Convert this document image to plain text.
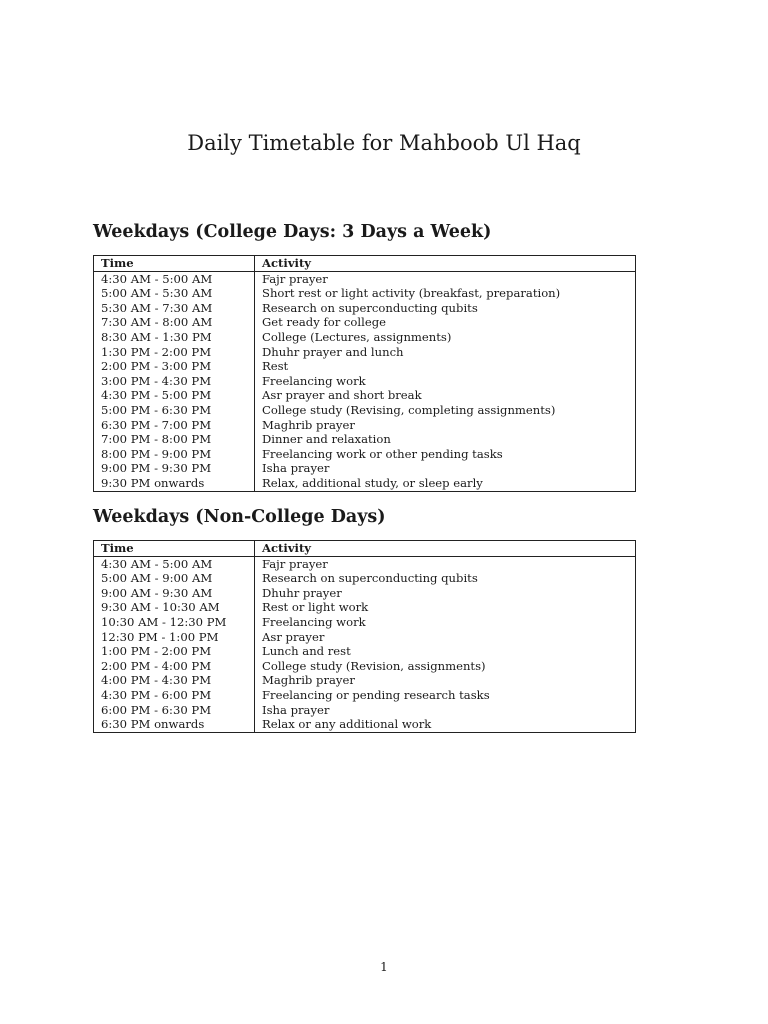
Daily Timetable for Mahboob Ul Haq
Weekdays (College Days: 3 Days a Week)
Time	Activity
4:30 AM - 5:00 AM	Fajr prayer
5:00 AM - 5:30 AM	Short rest or light activity (breakfast, preparation)
5:30 AM - 7:30 AM	Research on superconducting qubits
7:30 AM - 8:00 AM	Get ready for college
8:30 AM - 1:30 PM	College (Lectures, assignments)
1:30 PM - 2:00 PM	Dhuhr prayer and lunch
2:00 PM - 3:00 PM	Rest
3:00 PM - 4:30 PM	Freelancing work
4:30 PM - 5:00 PM	Asr prayer and short break
5:00 PM - 6:30 PM	College study (Revising, completing assignments)
6:30 PM - 7:00 PM	Maghrib prayer
7:00 PM - 8:00 PM	Dinner and relaxation
8:00 PM - 9:00 PM	Freelancing work or other pending tasks
9:00 PM - 9:30 PM	Isha prayer
9:30 PM onwards	Relax, additional study, or sleep early
Weekdays (Non-College Days)
Time	Activity
4:30 AM - 5:00 AM	Fajr prayer
5:00 AM - 9:00 AM	Research on superconducting qubits
9:00 AM - 9:30 AM	Dhuhr prayer
9:30 AM - 10:30 AM	Rest or light work
10:30 AM - 12:30 PM	Freelancing work
12:30 PM - 1:00 PM	Asr prayer
1:00 PM - 2:00 PM	Lunch and rest
2:00 PM - 4:00 PM	College study (Revision, assignments)
4:00 PM - 4:30 PM	Maghrib prayer
4:30 PM - 6:00 PM	Freelancing or pending research tasks
6:00 PM - 6:30 PM	Isha prayer
6:30 PM onwards	Relax or any additional work
1
